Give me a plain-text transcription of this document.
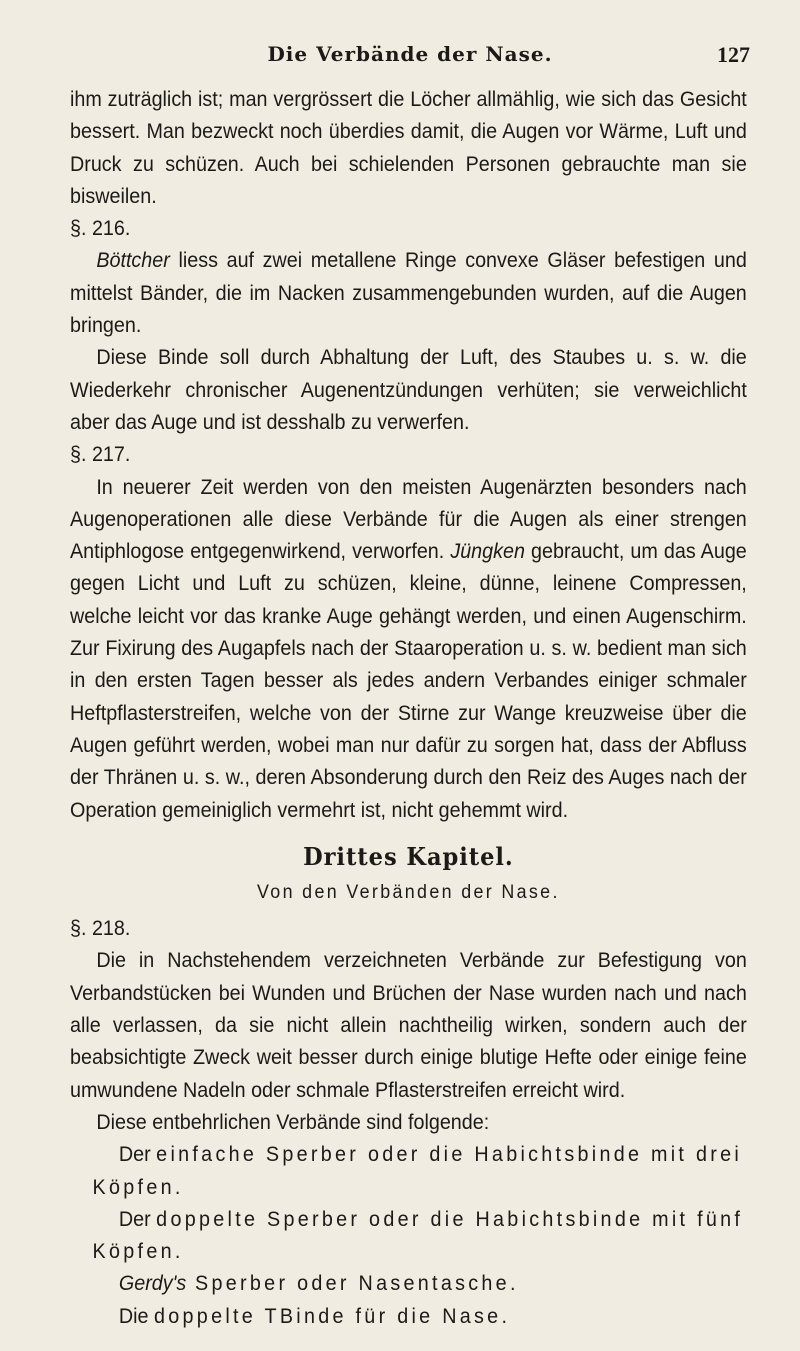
Die Verbände der Nase.	127

ihm zuträglich ist; man vergrössert die Löcher allmählig, wie sich das Gesicht bessert. Man bezweckt noch überdies damit, die Augen vor Wärme, Luft und Druck zu schüzen. Auch bei schielenden Personen gebrauchte man sie bisweilen.

§. 216.

Böttcher liess auf zwei metallene Ringe convexe Gläser befestigen und mittelst Bänder, die im Nacken zusammengebunden wurden, auf die Augen bringen.

Diese Binde soll durch Abhaltung der Luft, des Staubes u. s. w. die Wiederkehr chronischer Augenentzündungen verhüten; sie verweichlicht aber das Auge und ist desshalb zu verwerfen.

§. 217.

In neuerer Zeit werden von den meisten Augenärzten besonders nach Augenoperationen alle diese Verbände für die Augen als einer strengen Antiphlogose entgegenwirkend, verworfen. Jüngken gebraucht, um das Auge gegen Licht und Luft zu schüzen, kleine, dünne, leinene Compressen, welche leicht vor das kranke Auge gehängt werden, und einen Augenschirm. Zur Fixirung des Augapfels nach der Staaroperation u. s. w. bedient man sich in den ersten Tagen besser als jedes andern Verbandes einiger schmaler Heftpflasterstreifen, welche von der Stirne zur Wange kreuzweise über die Augen geführt werden, wobei man nur dafür zu sorgen hat, dass der Abfluss der Thränen u. s. w., deren Absonderung durch den Reiz des Auges nach der Operation gemeiniglich vermehrt ist, nicht gehemmt wird.

Drittes Kapitel.
Von den Verbänden der Nase.

§. 218.

Die in Nachstehendem verzeichneten Verbände zur Befestigung von Verbandstücken bei Wunden und Brüchen der Nase wurden nach und nach alle verlassen, da sie nicht allein nachtheilig wirken, sondern auch der beabsichtigte Zweck weit besser durch einige blutige Hefte oder einige feine umwundene Nadeln oder schmale Pflasterstreifen erreicht wird.

Diese entbehrlichen Verbände sind folgende:

Der einfache Sperber oder die Habichtsbinde mit drei Köpfen.

Der doppelte Sperber oder die Habichtsbinde mit fünf Köpfen.

Gerdy's Sperber oder Nasentasche.

Die doppelte TBinde für die Nase.
